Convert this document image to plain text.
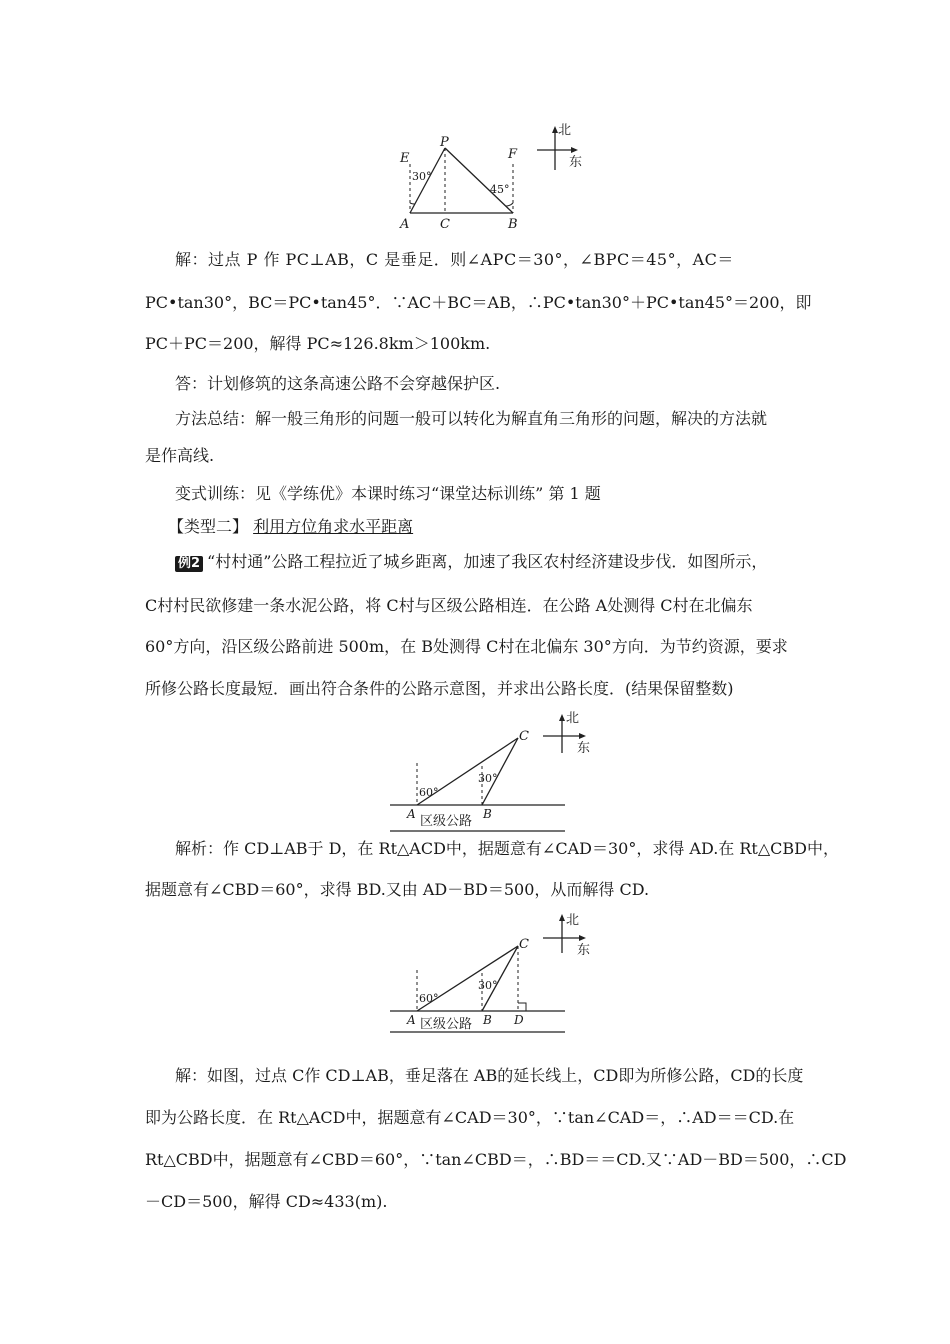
E
P
F
A C	B
30°
45°
北
东
解：过点 P 作 PC⊥AB，C 是垂足．则∠APC＝30°，∠BPC＝45°，AC＝
PC•tan30°，BC＝PC•tan45°．∵AC＋BC＝AB，∴PC•tan30°＋PC•tan45°＝200，即
PC＋PC＝200，解得 PC≈126.8km＞100km.
答：计划修筑的这条高速公路不会穿越保护区.
方法总结：解一般三角形的问题一般可以转化为解直角三角形的问题，解决的方法就
是作高线.
变式训练：见《学练优》本课时练习“课堂达标训练” 第 1 题
【类型二】 利用方位角求水平距离
例2 “村村通”公路工程拉近了城乡距离，加速了我区农村经济建设步伐．如图所示，
C村村民欲修建一条水泥公路，将 C村与区级公路相连．在公路 A处测得 C村在北偏东
60°方向，沿区级公路前进 500m，在 B处测得 C村在北偏东 30°方向．为节约资源，要求
所修公路长度最短．画出符合条件的公路示意图，并求出公路长度．(结果保留整数)
C
A	B
60°
30°
区级公路
北
东
解析：作 CD⊥AB于 D，在 Rt△ACD中，据题意有∠CAD＝30°，求得 AD.在 Rt△CBD中，
据题意有∠CBD＝60°，求得 BD.又由 AD－BD＝500，从而解得 CD.
C
A	B D
60°
30°
区级公路
北
东
解：如图，过点 C作 CD⊥AB，垂足落在 AB的延长线上，CD即为所修公路，CD的长度
即为公路长度．在 Rt△ACD中，据题意有∠CAD＝30°，∵tan∠CAD＝，∴AD＝＝CD.在
Rt△CBD中，据题意有∠CBD＝60°，∵tan∠CBD＝，∴BD＝＝CD.又∵AD－BD＝500，∴CD
－CD＝500，解得 CD≈433(m).
